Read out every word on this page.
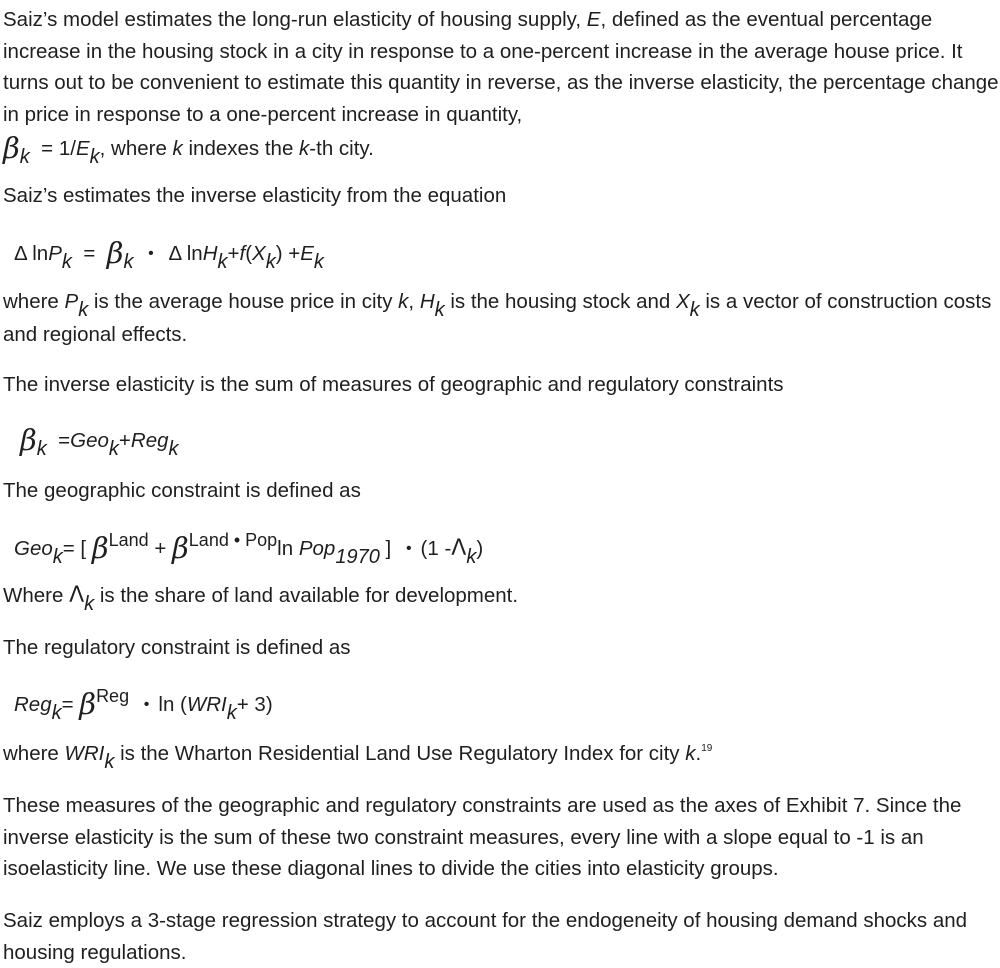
Saiz’s model estimates the long-run elasticity of housing supply, E, defined as the eventual percentage increase in the housing stock in a city in response to a one-percent increase in the average house price. It turns out to be convenient to estimate this quantity in reverse, as the inverse elasticity, the percentage change in price in response to a one-percent increase in quantity,
βk = 1/Ek, where k indexes the k-th city.

Saiz’s estimates the inverse elasticity from the equation

Δ lnPk = βk • Δ lnHk+f(Xk) +Ek

where Pk is the average house price in city k, Hk is the housing stock and Xk is a vector of construction costs and regional effects.

The inverse elasticity is the sum of measures of geographic and regulatory constraints

βk =Geok+Regk

The geographic constraint is defined as

Geok= [ βLand + βLand • Popln Pop1970 ] • (1 -Λk)

Where Λk is the share of land available for development.

The regulatory constraint is defined as

Regk= βReg • ln (WRIk+ 3)

where WRIk is the Wharton Residential Land Use Regulatory Index for city k.$^{19}$

These measures of the geographic and regulatory constraints are used as the axes of Exhibit 7. Since the inverse elasticity is the sum of these two constraint measures, every line with a slope equal to -1 is an isoelasticity line. We use these diagonal lines to divide the cities into elasticity groups.

Saiz employs a 3-stage regression strategy to account for the endogeneity of housing demand shocks and housing regulations.
